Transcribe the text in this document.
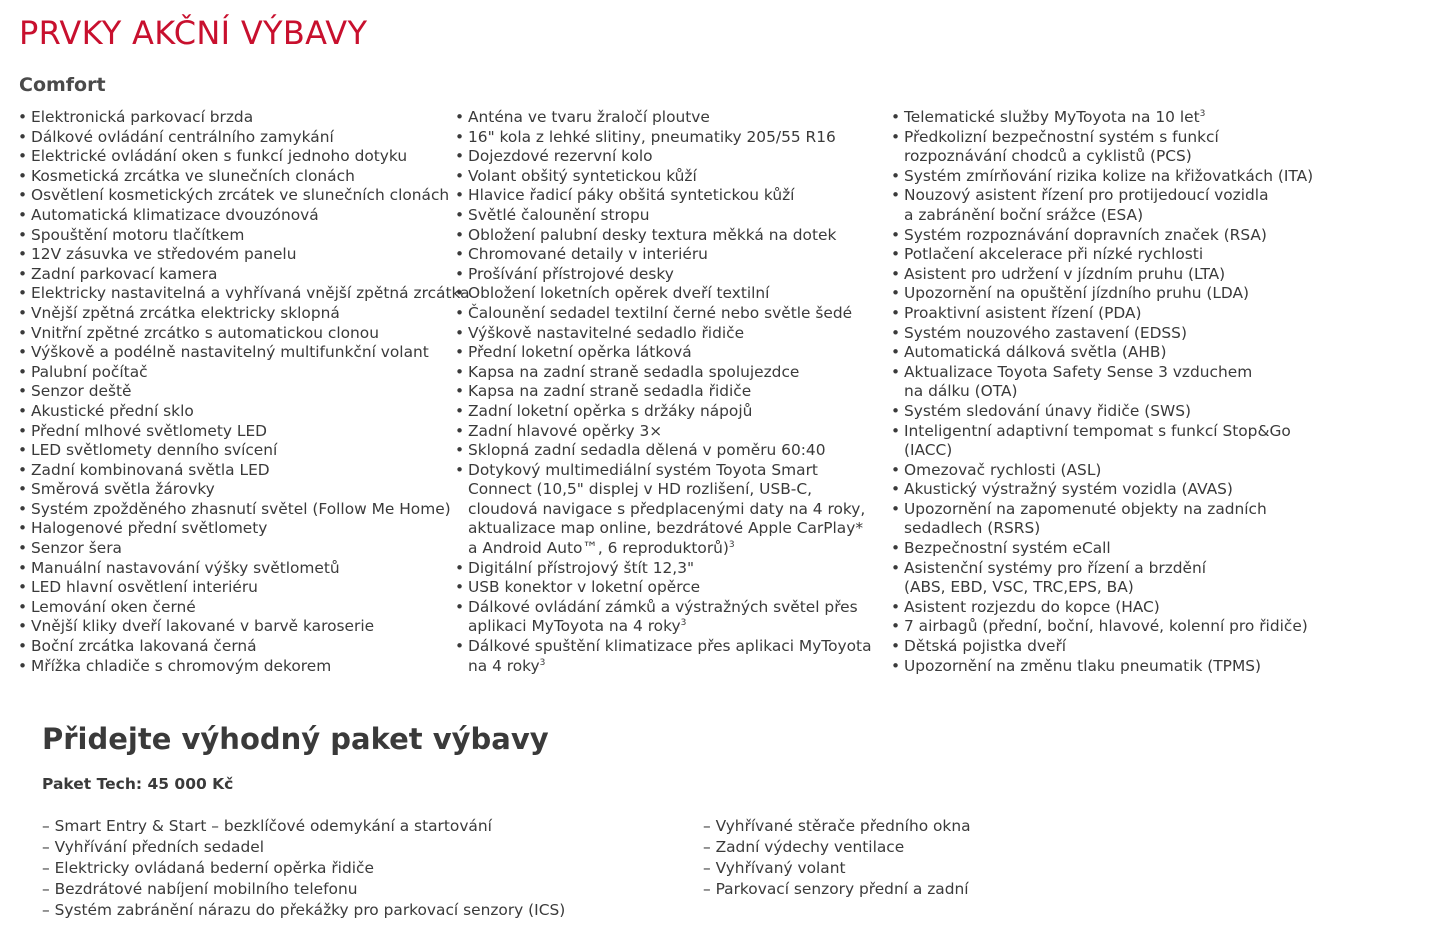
PRVKY AKČNÍ VÝBAVY
Comfort
• Elektronická parkovací brzda
• Dálkové ovládání centrálního zamykání
• Elektrické ovládání oken s funkcí jednoho dotyku
• Kosmetická zrcátka ve slunečních clonách
• Osvětlení kosmetických zrcátek ve slunečních clonách
• Automatická klimatizace dvouzónová
• Spouštění motoru tlačítkem
• 12V zásuvka ve středovém panelu
• Zadní parkovací kamera
• Elektricky nastavitelná a vyhřívaná vnější zpětná zrcátka
• Vnější zpětná zrcátka elektricky sklopná
• Vnitřní zpětné zrcátko s automatickou clonou
• Výškově a podélně nastavitelný multifunkční volant
• Palubní počítač
• Senzor deště
• Akustické přední sklo
• Přední mlhové světlomety LED
• LED světlomety denního svícení
• Zadní kombinovaná světla LED
• Směrová světla žárovky
• Systém zpožděného zhasnutí světel (Follow Me Home)
• Halogenové přední světlomety
• Senzor šera
• Manuální nastavování výšky světlometů
• LED hlavní osvětlení interiéru
• Lemování oken černé
• Vnější kliky dveří lakované v barvě karoserie
• Boční zrcátka lakovaná černá
• Mřížka chladiče s chromovým dekorem
• Anténa ve tvaru žraločí ploutve
• 16" kola z lehké slitiny, pneumatiky 205/55 R16
• Dojezdové rezervní kolo
• Volant obšitý syntetickou kůží
• Hlavice řadicí páky obšitá syntetickou kůží
• Světlé čalounění stropu
• Obložení palubní desky textura měkká na dotek
• Chromované detaily v interiéru
• Prošívání přístrojové desky
• Obložení loketních opěrek dveří textilní
• Čalounění sedadel textilní černé nebo světle šedé
• Výškově nastavitelné sedadlo řidiče
• Přední loketní opěrka látková
• Kapsa na zadní straně sedadla spolujezdce
• Kapsa na zadní straně sedadla řidiče
• Zadní loketní opěrka s držáky nápojů
• Zadní hlavové opěrky 3×
• Sklopná zadní sedadla dělená v poměru 60:40
• Dotykový multimediální systém Toyota Smart
Connect (10,5" displej v HD rozlišení, USB-C,
cloudová navigace s předplacenými daty na 4 roky,
aktualizace map online, bezdrátové Apple CarPlay*
a Android Auto™, 6 reproduktorů)$^3$
• Digitální přístrojový štít 12,3"
• USB konektor v loketní opěrce
• Dálkové ovládání zámků a výstražných světel přes
aplikaci MyToyota na 4 roky$^3$
• Dálkové spuštění klimatizace přes aplikaci MyToyota
na 4 roky$^3$
• Telematické služby MyToyota na 10 let$^3$
• Předkolizní bezpečnostní systém s funkcí
rozpoznávání chodců a cyklistů (PCS)
• Systém zmírňování rizika kolize na křižovatkách (ITA)
• Nouzový asistent řízení pro protijedoucí vozidla
a zabránění boční srážce (ESA)
• Systém rozpoznávání dopravních značek (RSA)
• Potlačení akcelerace při nízké rychlosti
• Asistent pro udržení v jízdním pruhu (LTA)
• Upozornění na opuštění jízdního pruhu (LDA)
• Proaktivní asistent řízení (PDA)
• Systém nouzového zastavení (EDSS)
• Automatická dálková světla (AHB)
• Aktualizace Toyota Safety Sense 3 vzduchem
na dálku (OTA)
• Systém sledování únavy řidiče (SWS)
• Inteligentní adaptivní tempomat s funkcí Stop&Go
(IACC)
• Omezovač rychlosti (ASL)
• Akustický výstražný systém vozidla (AVAS)
• Upozornění na zapomenuté objekty na zadních
sedadlech (RSRS)
• Bezpečnostní systém eCall
• Asistenční systémy pro řízení a brzdění
(ABS, EBD, VSC, TRC,EPS, BA)
• Asistent rozjezdu do kopce (HAC)
• 7 airbagů (přední, boční, hlavové, kolenní pro řidiče)
• Dětská pojistka dveří
• Upozornění na změnu tlaku pneumatik (TPMS)
Přidejte výhodný paket výbavy

Paket Tech: 45 000 Kč

– Smart Entry & Start – bezklíčové odemykání a startování
– Vyhřívání předních sedadel
– Elektricky ovládaná bederní opěrka řidiče
– Bezdrátové nabíjení mobilního telefonu
– Systém zabránění nárazu do překážky pro parkovací senzory (ICS)
– Vyhřívané stěrače předního okna
– Zadní výdechy ventilace
– Vyhřívaný volant
– Parkovací senzory přední a zadní
